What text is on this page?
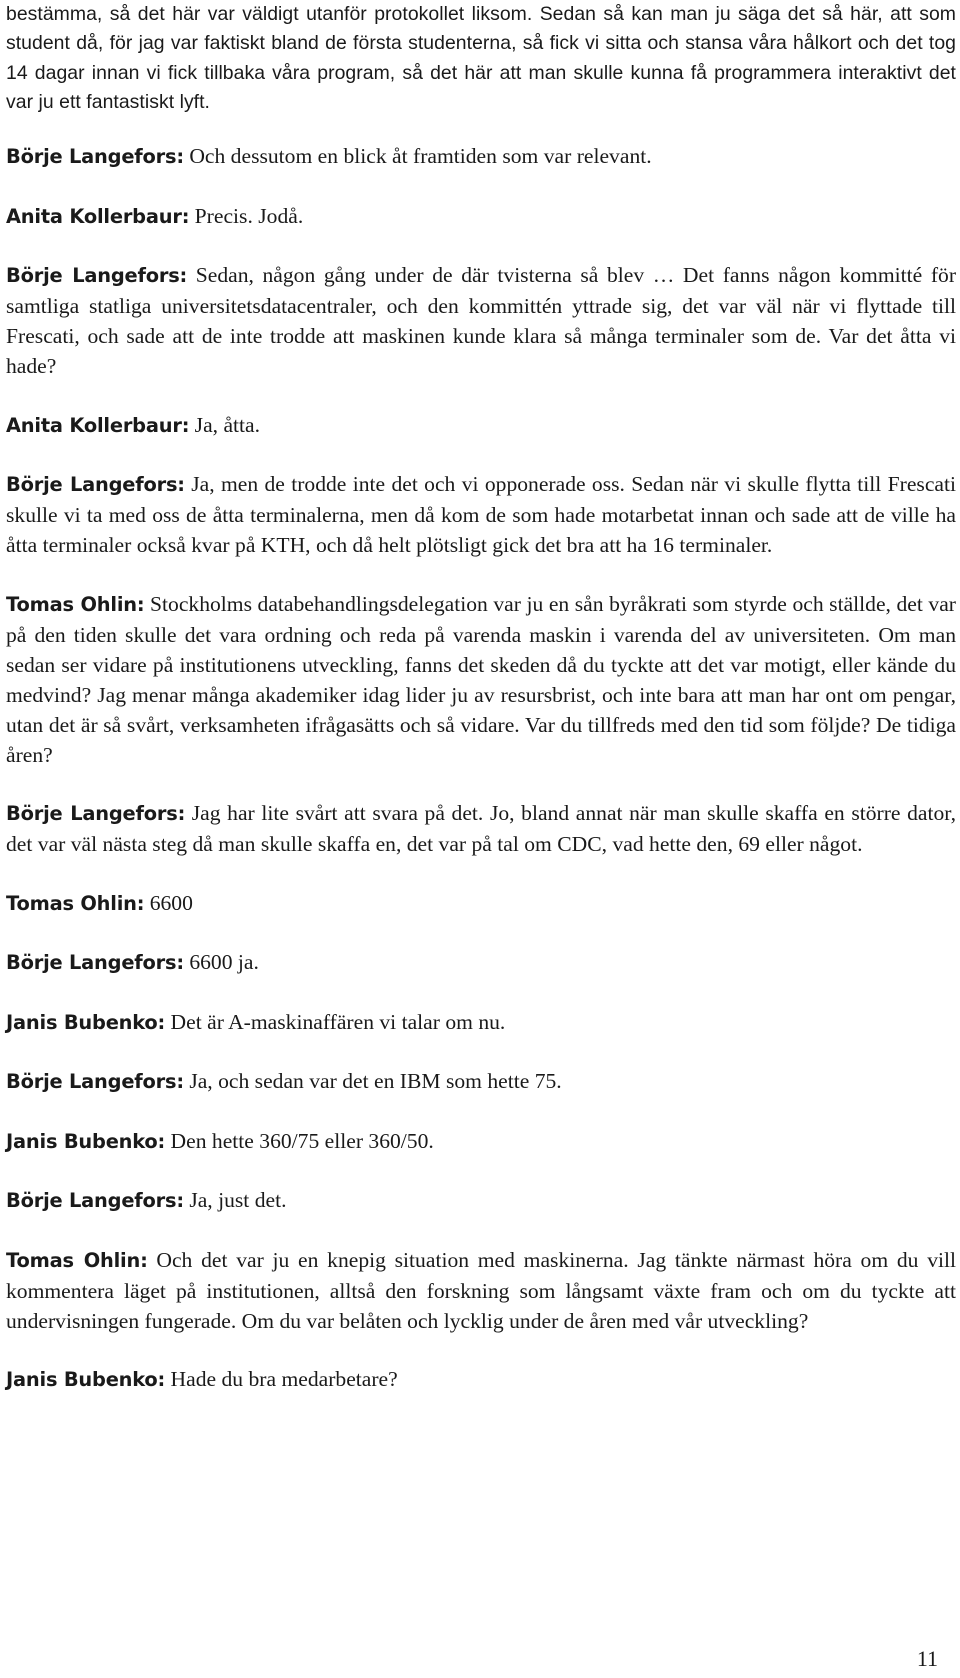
bestämma, så det här var väldigt utanför protokollet liksom. Sedan så kan man ju säga det så här, att som student då, för jag var faktiskt bland de första studenterna, så fick vi sitta och stansa våra hålkort och det tog 14 dagar innan vi fick tillbaka våra program, så det här att man skulle kunna få programmera interaktivt det var ju ett fantastiskt lyft.

Börje Langefors: Och dessutom en blick åt framtiden som var relevant.

Anita Kollerbaur: Precis. Jodå.

Börje Langefors: Sedan, någon gång under de där tvisterna så blev … Det fanns någon kommitté för samtliga statliga universitetsdatacentraler, och den kommittén yttrade sig, det var väl när vi flyttade till Frescati, och sade att de inte trodde att maskinen kunde klara så många terminaler som de. Var det åtta vi hade?

Anita Kollerbaur: Ja, åtta.

Börje Langefors: Ja, men de trodde inte det och vi opponerade oss. Sedan när vi skulle flytta till Frescati skulle vi ta med oss de åtta terminalerna, men då kom de som hade motarbetat innan och sade att de ville ha åtta terminaler också kvar på KTH, och då helt plötsligt gick det bra att ha 16 terminaler.

Tomas Ohlin: Stockholms databehandlingsdelegation var ju en sån byråkrati som styrde och ställde, det var på den tiden skulle det vara ordning och reda på varenda maskin i varenda del av universiteten. Om man sedan ser vidare på institutionens utveckling, fanns det skeden då du tyckte att det var motigt, eller kände du medvind? Jag menar många akademiker idag lider ju av resursbrist, och inte bara att man har ont om pengar, utan det är så svårt, verksamheten ifrågasätts och så vidare. Var du tillfreds med den tid som följde? De tidiga åren?

Börje Langefors: Jag har lite svårt att svara på det. Jo, bland annat när man skulle skaffa en större dator, det var väl nästa steg då man skulle skaffa en, det var på tal om CDC, vad hette den, 69 eller något.

Tomas Ohlin: 6600

Börje Langefors: 6600 ja.

Janis Bubenko: Det är A-maskinaffären vi talar om nu.

Börje Langefors: Ja, och sedan var det en IBM som hette 75.

Janis Bubenko: Den hette 360/75 eller 360/50.

Börje Langefors: Ja, just det.

Tomas Ohlin: Och det var ju en knepig situation med maskinerna. Jag tänkte närmast höra om du vill kommentera läget på institutionen, alltså den forskning som långsamt växte fram och om du tyckte att undervisningen fungerade. Om du var belåten och lycklig under de åren med vår utveckling?

Janis Bubenko: Hade du bra medarbetare?

11
